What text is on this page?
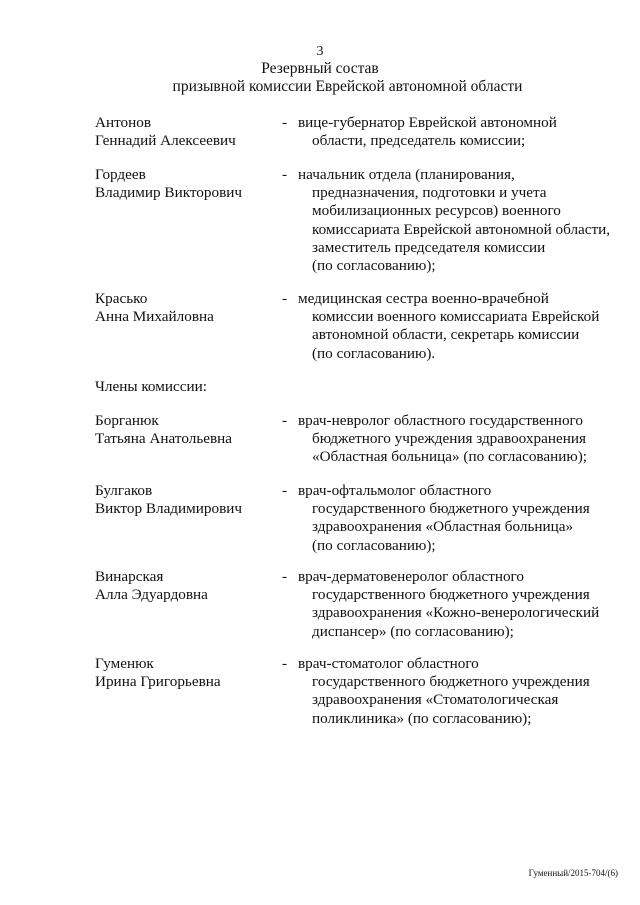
3
Резервный состав
призывной комиссии Еврейской автономной области
Антонов
Геннадий Алексеевич
- вице-губернатор Еврейской автономной
области, председатель комиссии;
Гордеев
Владимир Викторович
- начальник отдела (планирования,
предназначения, подготовки и учета
мобилизационных ресурсов) военного
комиссариата Еврейской автономной области,
заместитель председателя комиссии
(по согласованию);
Красько
Анна Михайловна
- медицинская сестра военно-врачебной
комиссии военного комиссариата Еврейской
автономной области, секретарь комиссии
(по согласованию).
Члены комиссии:
Борганюк
Татьяна Анатольевна
- врач-невролог областного государственного
бюджетного учреждения здравоохранения
«Областная больница» (по согласованию);
Булгаков
Виктор Владимирович
- врач-офтальмолог областного
государственного бюджетного учреждения
здравоохранения «Областная больница»
(по согласованию);
Винарская
Алла Эдуардовна
- врач-дерматовенеролог областного
государственного бюджетного учреждения
здравоохранения «Кожно-венерологический
диспансер» (по согласованию);
Гуменюк
Ирина Григорьевна
- врач-стоматолог областного
государственного бюджетного учреждения
здравоохранения «Стоматологическая
поликлиника» (по согласованию);
Гуменный/2015-704/(6)
